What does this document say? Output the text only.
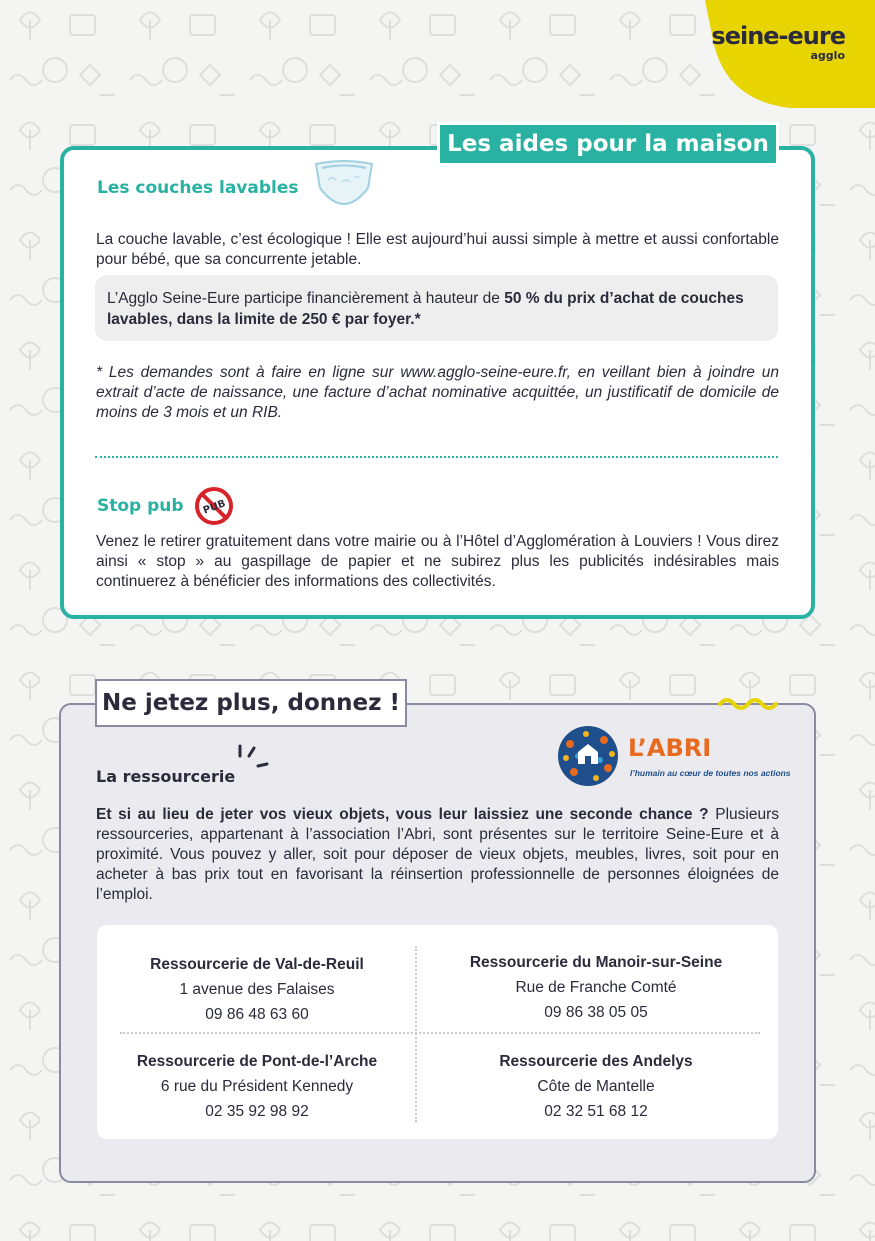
seine-eure
agglo
Les aides pour la maison
Les couches lavables
La couche lavable, c’est écologique ! Elle est aujourd’hui aussi simple à mettre et aussi confortable pour bébé, que sa concurrente jetable.
L’Agglo Seine-Eure participe financièrement à hauteur de 50 % du prix d’achat de couches lavables, dans la limite de 250 € par foyer.*
* Les demandes sont à faire en ligne sur www.agglo-seine-eure.fr, en veillant bien à joindre un extrait d’acte de naissance, une facture d’achat nominative acquittée, un justificatif de domicile de moins de 3 mois et un RIB.
Stop pub PUB
Venez le retirer gratuitement dans votre mairie ou à l’Hôtel d’Agglomération à Louviers ! Vous direz ainsi « stop » au gaspillage de papier et ne subirez plus les publicités indésirables mais continuerez à bénéficier des informations des collectivités.
Ne jetez plus, donnez !
La ressourcerie
L’ABRI
l’humain au cœur de toutes nos actions
Et si au lieu de jeter vos vieux objets, vous leur laissiez une seconde chance ? Plusieurs ressourceries, appartenant à l’association l’Abri, sont présentes sur le territoire Seine-Eure et à proximité. Vous pouvez y aller, soit pour déposer de vieux objets, meubles, livres, soit pour en acheter à bas prix tout en favorisant la réinsertion professionnelle de personnes éloignées de l’emploi.
Ressourcerie de Val-de-Reuil
1 avenue des Falaises
09 86 48 63 60
Ressourcerie du Manoir-sur-Seine
Rue de Franche Comté
09 86 38 05 05
Ressourcerie de Pont-de-l’Arche
6 rue du Président Kennedy
02 35 92 98 92
Ressourcerie des Andelys
Côte de Mantelle
02 32 51 68 12
